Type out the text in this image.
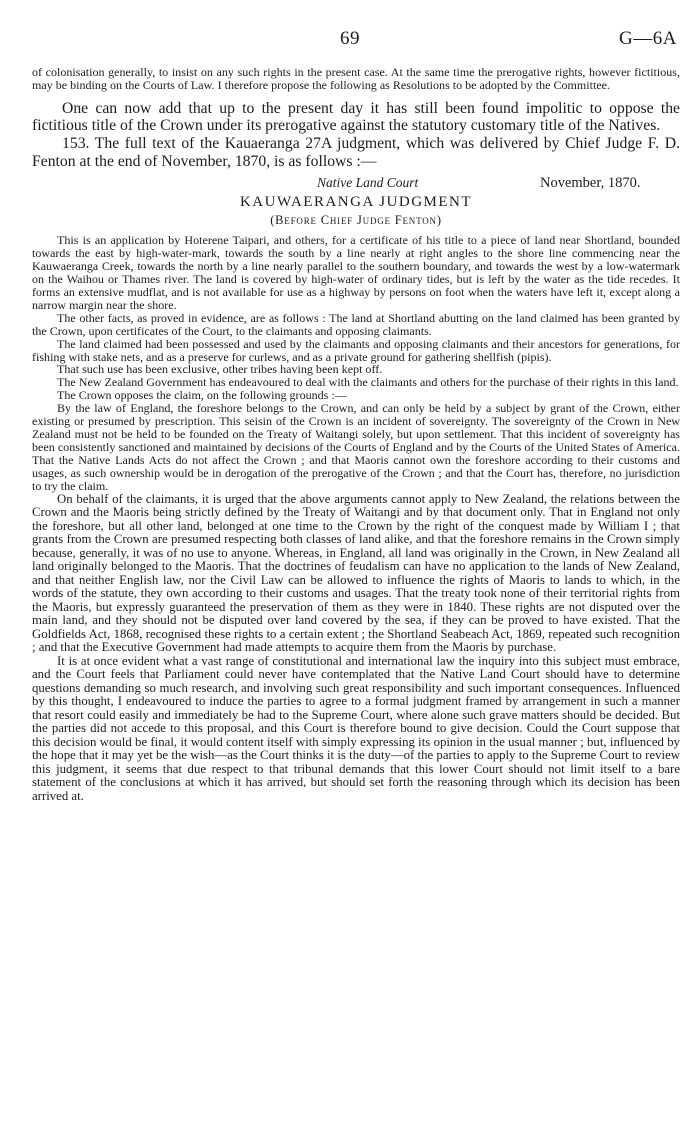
69	G—6A

of colonisation generally, to insist on any such rights in the present case. At the same time the prerogative rights, however fictitious, may be binding on the Courts of Law. I therefore propose the following as Resolutions to be adopted by the Committee.

One can now add that up to the present day it has still been found impolitic to oppose the fictitious title of the Crown under its prerogative against the statutory customary title of the Natives.

153. The full text of the Kauaeranga 27A judgment, which was delivered by Chief Judge F. D. Fenton at the end of November, 1870, is as follows :—

Native Land Court	November, 1870.
KAUWAERANGA JUDGMENT
(Before Chief Judge Fenton)

This is an application by Hoterene Taipari, and others, for a certificate of his title to a piece of land near Shortland, bounded towards the east by high-water-mark, towards the south by a line nearly at right angles to the shore line commencing near the Kauwaeranga Creek, towards the north by a line nearly parallel to the southern boundary, and towards the west by a low-watermark on the Waihou or Thames river. The land is covered by high-water of ordinary tides, but is left by the water as the tide recedes. It forms an extensive mudflat, and is not available for use as a highway by persons on foot when the waters have left it, except along a narrow margin near the shore.

The other facts, as proved in evidence, are as follows : The land at Shortland abutting on the land claimed has been granted by the Crown, upon certificates of the Court, to the claimants and opposing claimants.

The land claimed had been possessed and used by the claimants and opposing claimants and their ancestors for generations, for fishing with stake nets, and as a preserve for curlews, and as a private ground for gathering shellfish (pipis).

That such use has been exclusive, other tribes having been kept off.

The New Zealand Government has endeavoured to deal with the claimants and others for the purchase of their rights in this land.

The Crown opposes the claim, on the following grounds :—

By the law of England, the foreshore belongs to the Crown, and can only be held by a subject by grant of the Crown, either existing or presumed by prescription. This seisin of the Crown is an incident of sovereignty. The sovereignty of the Crown in New Zealand must not be held to be founded on the Treaty of Waitangi solely, but upon settlement. That this incident of sovereignty has been consistently sanctioned and maintained by decisions of the Courts of England and by the Courts of the United States of America. That the Native Lands Acts do not affect the Crown ; and that Maoris cannot own the foreshore according to their customs and usages, as such ownership would be in derogation of the prerogative of the Crown ; and that the Court has, therefore, no jurisdiction to try the claim.

On behalf of the claimants, it is urged that the above arguments cannot apply to New Zealand, the relations between the Crown and the Maoris being strictly defined by the Treaty of Waitangi and by that document only. That in England not only the foreshore, but all other land, belonged at one time to the Crown by the right of the conquest made by William I ; that grants from the Crown are presumed respecting both classes of land alike, and that the foreshore remains in the Crown simply because, generally, it was of no use to anyone. Whereas, in England, all land was originally in the Crown, in New Zealand all land originally belonged to the Maoris. That the doctrines of feudalism can have no application to the lands of New Zealand, and that neither English law, nor the Civil Law can be allowed to influence the rights of Maoris to lands to which, in the words of the statute, they own according to their customs and usages. That the treaty took none of their territorial rights from the Maoris, but expressly guaranteed the preservation of them as they were in 1840. These rights are not disputed over the main land, and they should not be disputed over land covered by the sea, if they can be proved to have existed. That the Goldfields Act, 1868, recognised these rights to a certain extent ; the Shortland Seabeach Act, 1869, repeated such recognition ; and that the Executive Government had made attempts to acquire them from the Maoris by purchase.

It is at once evident what a vast range of constitutional and international law the inquiry into this subject must embrace, and the Court feels that Parliament could never have contemplated that the Native Land Court should have to determine questions demanding so much research, and involving such great responsibility and such important consequences. Influenced by this thought, I endeavoured to induce the parties to agree to a formal judgment framed by arrangement in such a manner that resort could easily and immediately be had to the Supreme Court, where alone such grave matters should be decided. But the parties did not accede to this proposal, and this Court is therefore bound to give decision. Could the Court suppose that this decision would be final, it would content itself with simply expressing its opinion in the usual manner ; but, influenced by the hope that it may yet be the wish—as the Court thinks it is the duty—of the parties to apply to the Supreme Court to review this judgment, it seems that due respect to that tribunal demands that this lower Court should not limit itself to a bare statement of the conclusions at which it has arrived, but should set forth the reasoning through which its decision has been arrived at.
